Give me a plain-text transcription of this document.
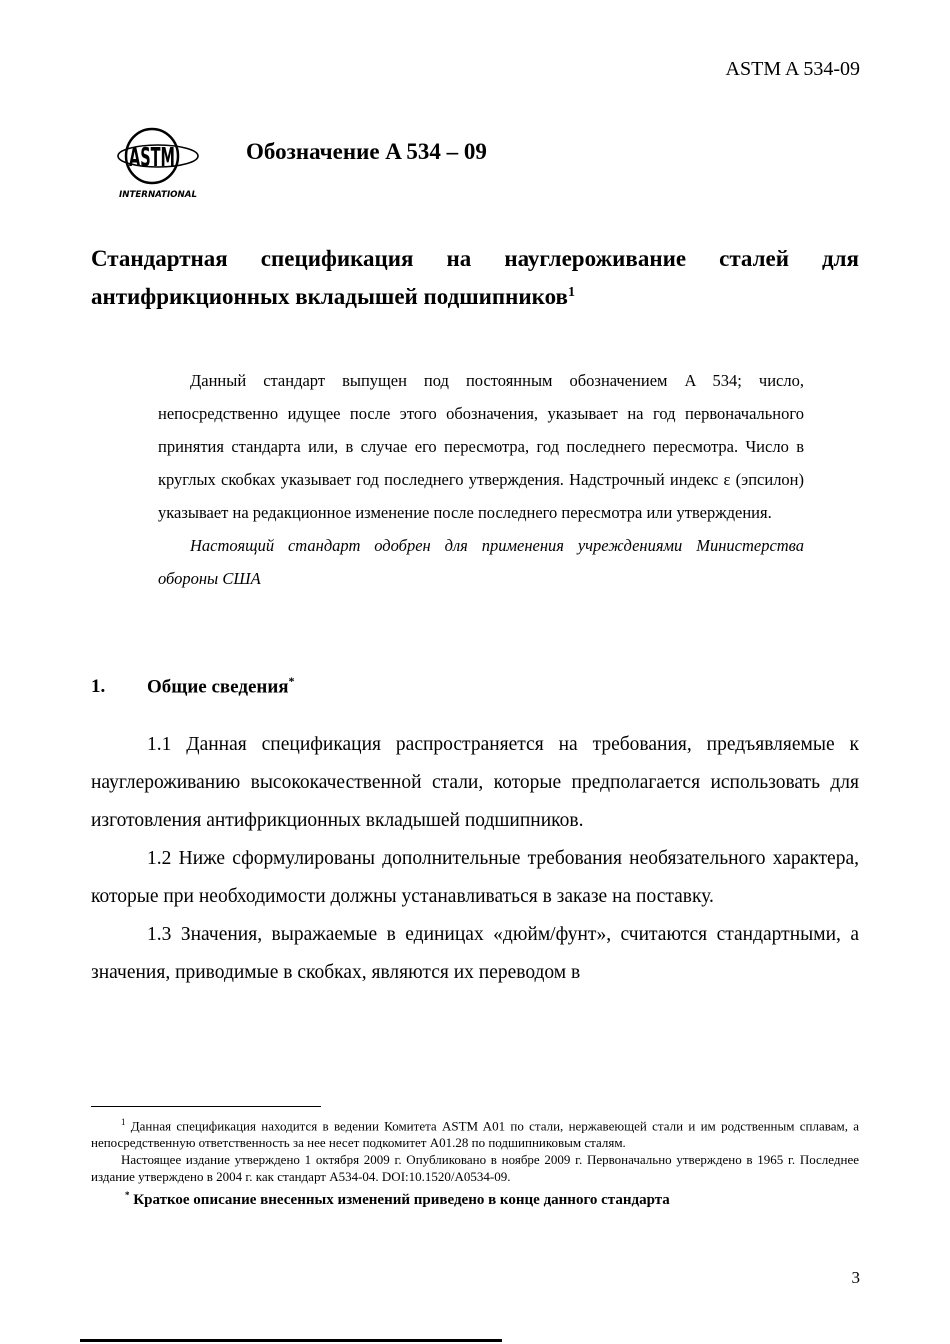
ASTM A 534-09
ASTM
INTERNATIONAL
Обозначение A 534 – 09
Стандартная спецификация на науглероживание сталей для антифрикционных вкладышей подшипников$^1$

Данный стандарт выпущен под постоянным обозначением A 534; число, непосредственно идущее после этого обозначения, указывает на год первоначального принятия стандарта или, в случае его пересмотра, год последнего пересмотра. Число в круглых скобках указывает год последнего утверждения. Надстрочный индекс ε (эпсилон) указывает на редакционное изменение после последнего пересмотра или утверждения.

Настоящий стандарт одобрен для применения учреждениями Министерства обороны США

1. Общие сведения*

1.1 Данная спецификация распространяется на требования, предъявляемые к науглероживанию высококачественной стали, которые предполагается использовать для изготовления антифрикционных вкладышей подшипников.

1.2 Ниже сформулированы дополнительные требования необязательного характера, которые при необходимости должны устанавливаться в заказе на поставку.

1.3 Значения, выражаемые в единицах «дюйм/фунт», считаются стандартными, а значения, приводимые в скобках, являются их переводом в

$^1$ Данная спецификация находится в ведении Комитета ASTM A01 по стали, нержавеющей стали и им родственным сплавам, а непосредственную ответственность за нее несет подкомитет A01.28 по подшипниковым сталям.

Настоящее издание утверждено 1 октября 2009 г. Опубликовано в ноябре 2009 г. Первоначально утверждено в 1965 г. Последнее издание утверждено в 2004 г. как стандарт A534-04. DOI:10.1520/A0534-09.

* Краткое описание внесенных изменений приведено в конце данного стандарта

3
